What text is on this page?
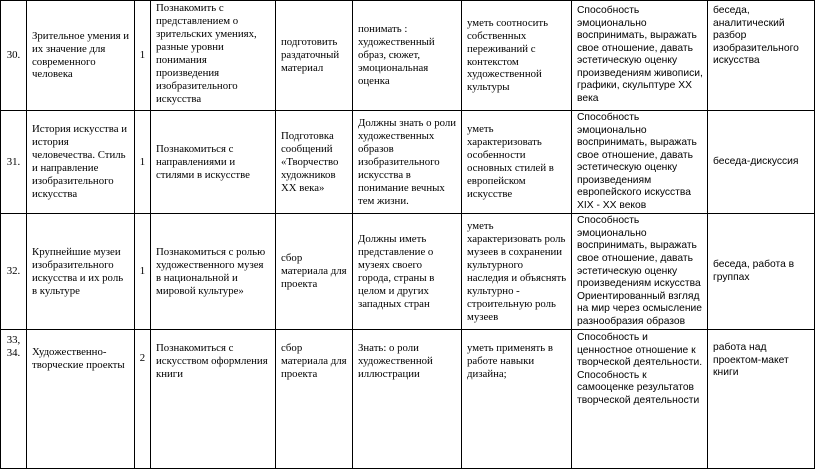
30.	Зрительное умения и их значение для современного человека	1	Познакомить с представлением о зрительских умениях, разные уровни понимания произведения изобразительного искусства	подготовить раздаточный материал	понимать : художественный образ, сюжет, эмоциональная оценка	уметь соотносить собственных переживаний с контекстом художественной культуры	Способность эмоционально воспринимать, выражать свое отношение, давать эстетическую оценку произведениям живописи, графики, скульптуре XX века	беседа, аналитический разбор изобразительного искусства
31.	История искусства и история человечества. Стиль и направление изобразительного искусства	1	Познакомиться с направлениями и стилями в искусстве	Подготовка сообщений «Творчество художников XX века»	Должны знать о роли художественных образов изобразительного искусства в понимание вечных тем жизни.	уметь характеризовать особенности основных стилей в европейском искусстве	Способность эмоционально воспринимать, выражать свое отношение, давать эстетическую оценку произведениям европейского искусства XIX - XX веков	беседа-дискуссия
32.	Крупнейшие музеи изобразительного искусства и их роль в культуре	1	Познакомиться с ролью художественного музея в национальной и мировой культуре»	сбор материала для проекта	Должны иметь представление о музеях своего города, страны в целом и других западных стран	уметь характеризовать роль музеев в сохранении культурного наследия и объяснять культурно - строительную роль музеев	Способность эмоционально воспринимать, выражать свое отношение, давать эстетическую оценку произведениям искусства Ориентированный взгляд на мир через осмысление разнообразия образов	беседа, работа в группах
33, 34.	Художественно-творческие проекты	2	Познакомиться с искусством оформления книги	сбор материала для проекта	Знать: о роли художественной иллюстрации	уметь применять в работе навыки дизайна;	Способность и ценностное отношение к творческой деятельности. Способность к самооценке результатов творческой деятельности	работа над проектом-макет книги
